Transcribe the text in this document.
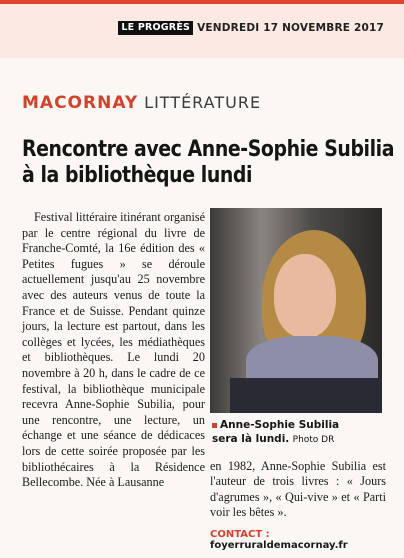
LE PROGRÈS VENDREDI 17 NOVEMBRE 2017
MACORNAY LITTÉRATURE
Rencontre avec Anne-Sophie Subilia à la bibliothèque lundi

Festival littéraire itinérant organisé par le centre régional du livre de Franche-Comté, la 16e édition des « Petites fugues » se déroule actuellement jusqu'au 25 novembre avec des auteurs venus de toute la France et de Suisse. Pendant quinze jours, la lecture est partout, dans les collèges et lycées, les médiathèques et bibliothèques. Le lundi 20 novembre à 20 h, dans le cadre de ce festival, la bibliothèque municipale recevra Anne-Sophie Subilia, pour une rencontre, une lecture, un échange et une séance de dédicaces lors de cette soirée proposée par les bibliothécaires à la Résidence Bellecombe. Née à Lausanne

Anne-Sophie Subilia
sera là lundi. Photo DR

en 1982, Anne-Sophie Subilia est l'auteur de trois livres : « Jours d'agrumes », « Qui-vive » et « Parti voir les bêtes ».

CONTACT : foyerruraldemacornay.fr
